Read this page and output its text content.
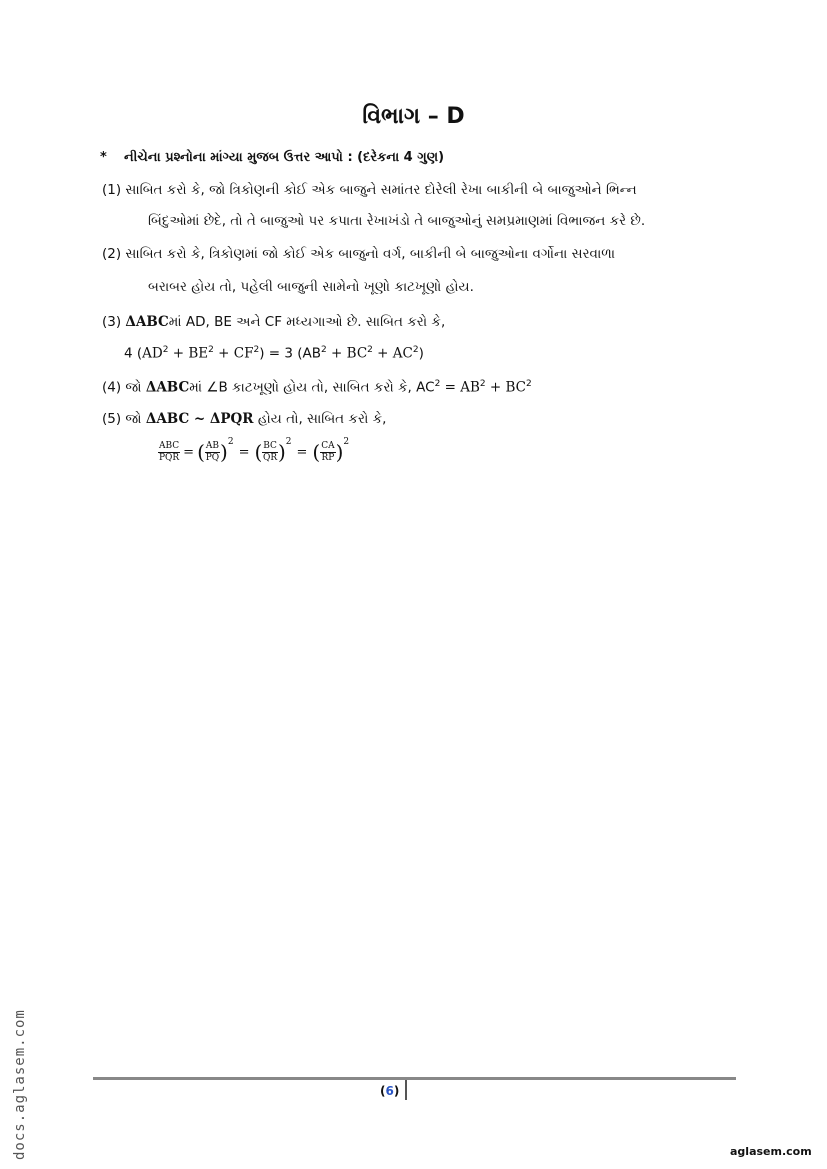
વિભાગ – D
* નીચેના પ્રશ્નોના માંગ્યા મુજબ ઉત્તર આપો : (દરેકના 4 ગુણ)
(1) સાબિત કરો કે, જો ત્રિકોણની કોઈ એક બાજુને સમાંતર દોરેલી રેખા બાકીની બે બાજુઓને ભિન્ન
બિંદુઓમાં છેદે, તો તે બાજુઓ પર કપાતા રેખાખંડો તે બાજુઓનું સમપ્રમાણમાં વિભાજન કરે છે.
(2) સાબિત કરો કે, ત્રિકોણમાં જો કોઈ એક બાજુનો વર્ગ, બાકીની બે બાજુઓના વર્ગોના સરવાળા
બરાબર હોય તો, પહેલી બાજુની સામેનો ખૂણો કાટખૂણો હોય.
(3) ΔABCમાં AD, BE અને CF મધ્યગાઓ છે. સાબિત કરો કે,
4 $(AD^2 + BE^2 + CF^2) = 3$ $(AB^2 + BC^2 + AC^2)$
(4) જો ΔABCમાં ∠B કાટખૂણો હોય તો, સાબિત કરો કે, $AC^2 = AB^2 + BC^2$
(5) જો ΔABC ~ ΔPQR હોય તો, સાબિત કરો કે,
$\frac{\text{ABC}}{\text{PQR}}$ = ( $\frac{AB}{PQ} )^2$
= ( $\frac{BC}{QR} )^2$
= ( $\frac{CA}{RP} )^2$
(6)
docs.aglasem.com	aglasem.com
